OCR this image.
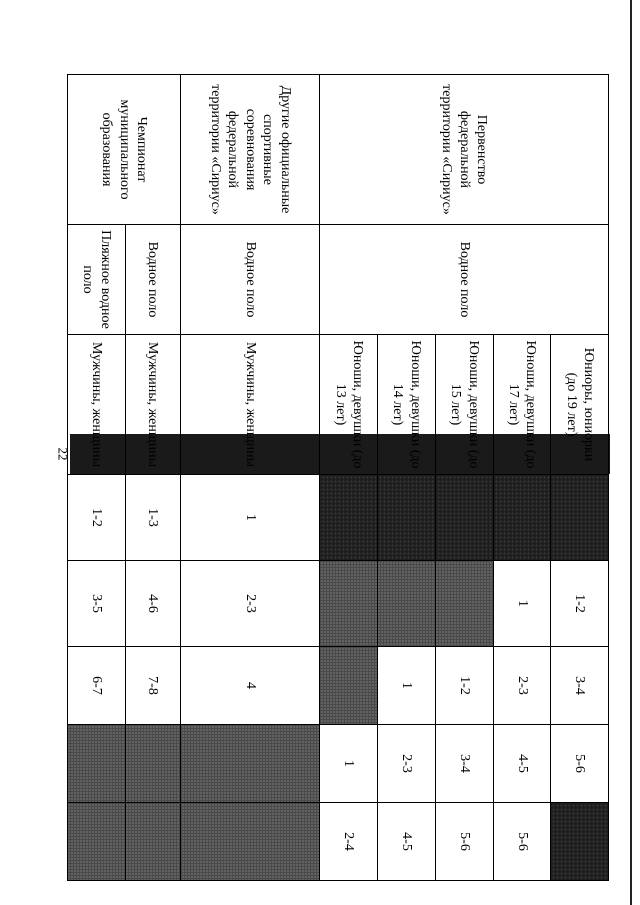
22
Первенство федеральной территории «Сириус»	Водное поло	Юниоры, юниорки (до 19 лет)		1-2	3-4	5-6	
		Юноши, девушки (до 17 лет)		1	2-3	4-5	5-6
		Юноши, девушки (до 15 лет)			1-2	3-4	5-6
		Юноши, девушки (до 14 лет)			1	2-3	4-5
		Юноши, девушки (до 13 лет)				1	2-4
Другие официальные спортивные соревнования федеральной территории «Сириус»	Водное поло	Мужчины, женщины	1	2-3	4		
Чемпионат муниципального образования	Водное поло	Мужчины, женщины	1-3	4-6	7-8		
	Пляжное водное поло	Мужчины, женщины	1-2	3-5	6-7		
